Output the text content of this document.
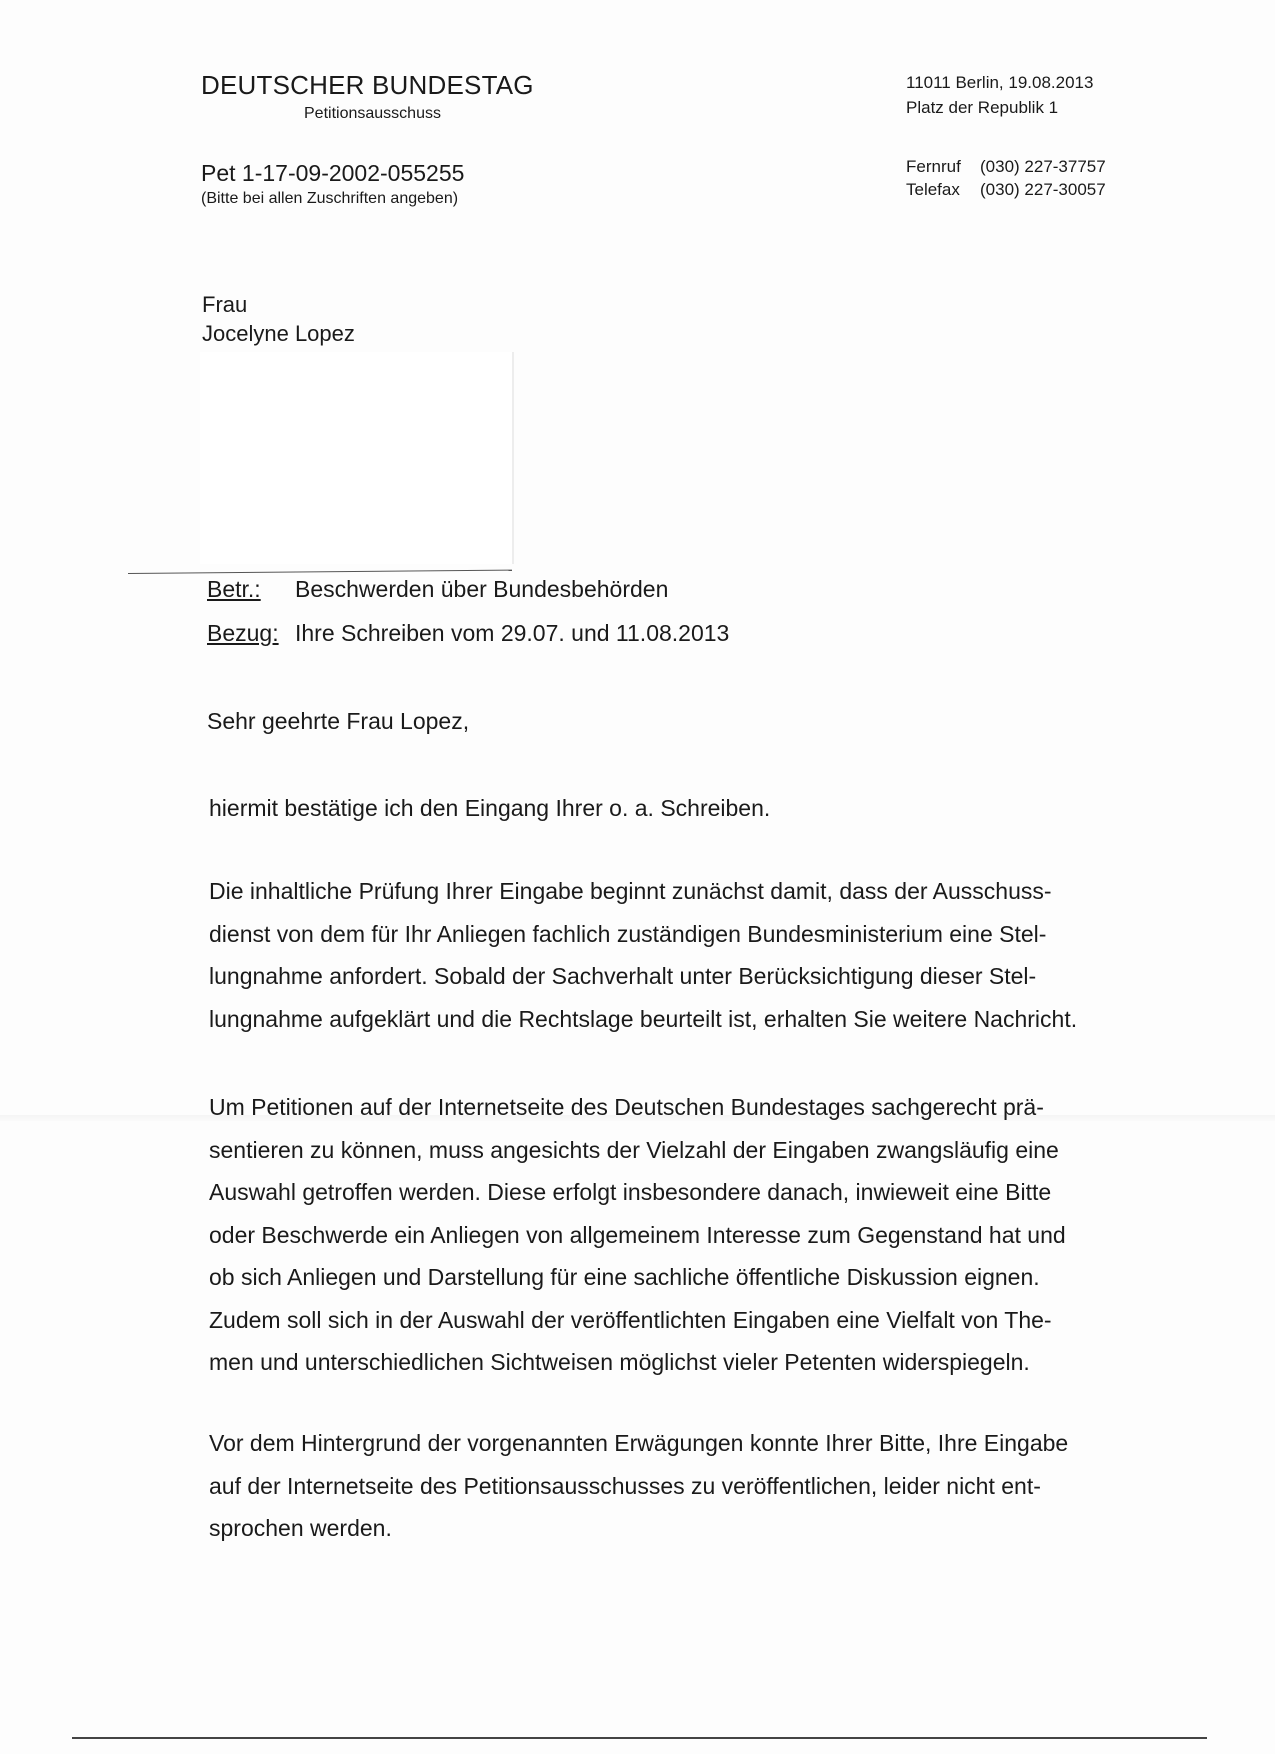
DEUTSCHER BUNDESTAG
Petitionsausschuss
Pet 1-17-09-2002-055255
(Bitte bei allen Zuschriften angeben)
11011 Berlin, 19.08.2013
Platz der Republik 1
Fernruf (030) 227-37757
Telefax (030) 227-30057
Frau
Jocelyne Lopez
Betr.: Beschwerden über Bundesbehörden
Bezug: Ihre Schreiben vom 29.07. und 11.08.2013
Sehr geehrte Frau Lopez,
hiermit bestätige ich den Eingang Ihrer o. a. Schreiben.
Die inhaltliche Prüfung Ihrer Eingabe beginnt zunächst damit, dass der Ausschuss-
dienst von dem für Ihr Anliegen fachlich zuständigen Bundesministerium eine Stel-
lungnahme anfordert. Sobald der Sachverhalt unter Berücksichtigung dieser Stel-
lungnahme aufgeklärt und die Rechtslage beurteilt ist, erhalten Sie weitere Nachricht.
Um Petitionen auf der Internetseite des Deutschen Bundestages sachgerecht prä-
sentieren zu können, muss angesichts der Vielzahl der Eingaben zwangsläufig eine
Auswahl getroffen werden. Diese erfolgt insbesondere danach, inwieweit eine Bitte
oder Beschwerde ein Anliegen von allgemeinem Interesse zum Gegenstand hat und
ob sich Anliegen und Darstellung für eine sachliche öffentliche Diskussion eignen.
Zudem soll sich in der Auswahl der veröffentlichten Eingaben eine Vielfalt von The-
men und unterschiedlichen Sichtweisen möglichst vieler Petenten widerspiegeln.
Vor dem Hintergrund der vorgenannten Erwägungen konnte Ihrer Bitte, Ihre Eingabe
auf der Internetseite des Petitionsausschusses zu veröffentlichen, leider nicht ent-
sprochen werden.
